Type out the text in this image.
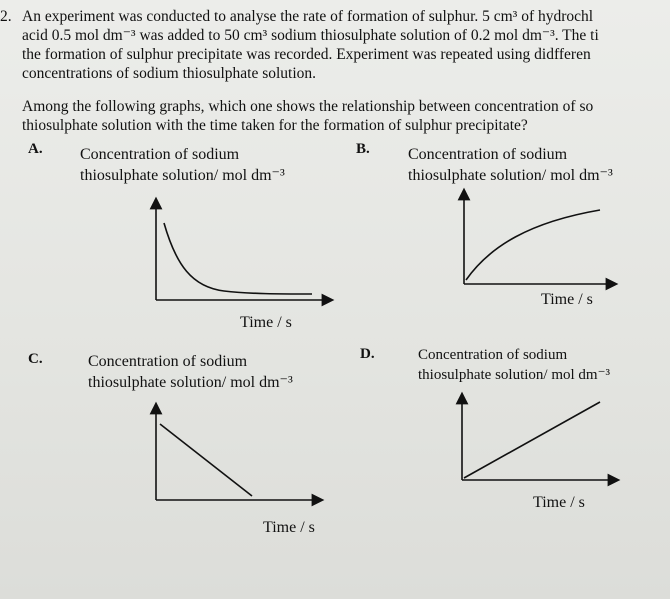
2. An experiment was conducted to analyse the rate of formation of sulphur. 5 cm³ of hydrochl
acid 0.5 mol dm⁻³ was added to 50 cm³ sodium thiosulphate solution of 0.2 mol dm⁻³. The ti
the formation of sulphur precipitate was recorded. Experiment was repeated using didfferen
concentrations of sodium thiosulphate solution.
Among the following graphs, which one shows the relationship between concentration of so
thiosulphate solution with the time taken for the formation of sulphur precipitate?
A. Concentration of sodium
thiosulphate solution/ mol dm⁻³
Time / s
B. Concentration of sodium
thiosulphate solution/ mol dm⁻³
Time / s
C.	Concentration of sodium
thiosulphate solution/ mol dm⁻³
Time / s
D.	Concentration of sodium
thiosulphate solution/ mol dm⁻³
Time / s
